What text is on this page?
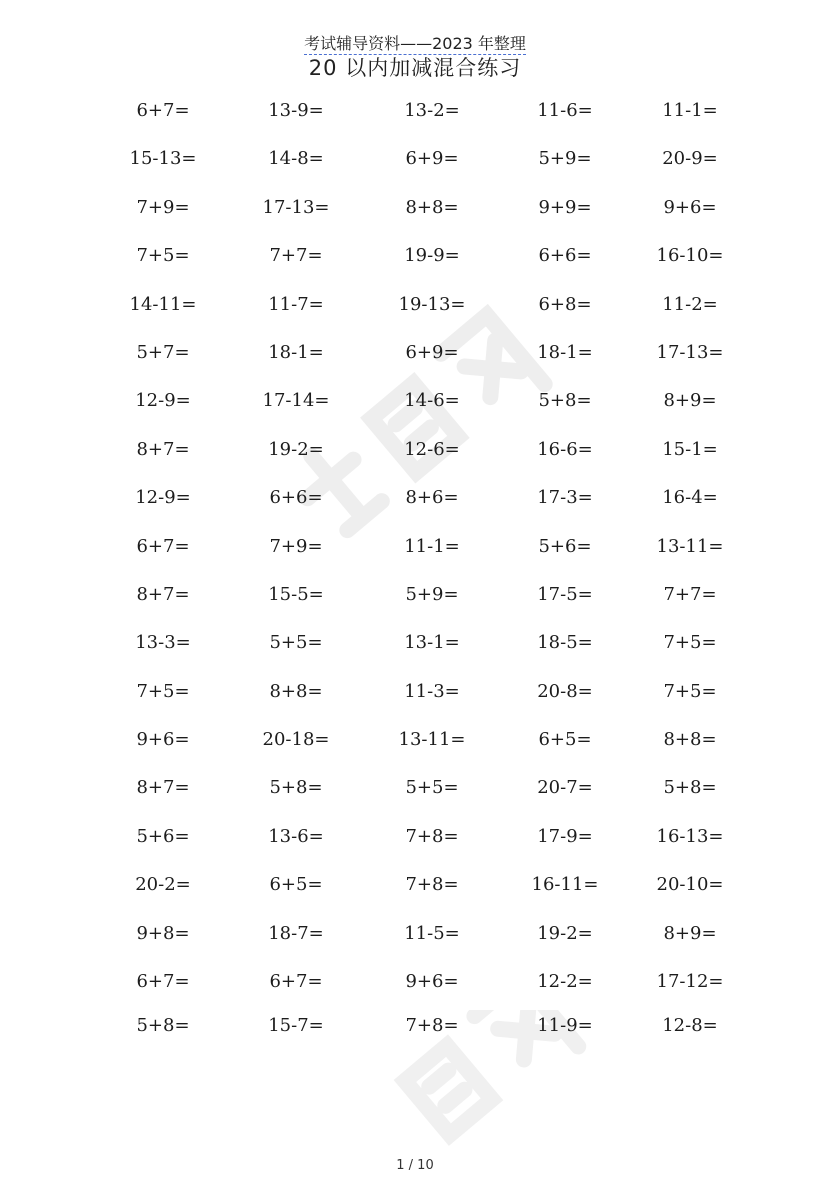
考试辅导资料——2023 年整理
20 以内加减混合练习
6+7=	13-9=	13-2=	11-6=	11-1=
15-13=	14-8=	6+9=	5+9=	20-9=
7+9=	17-13=	8+8=	9+9=	9+6=
7+5=	7+7=	19-9=	6+6=	16-10=
14-11=	11-7=	19-13=	6+8=	11-2=
5+7=	18-1=	6+9=	18-1=	17-13=
12-9=	17-14=	14-6=	5+8=	8+9=
8+7=	19-2=	12-6=	16-6=	15-1=
12-9=	6+6=	8+6=	17-3=	16-4=
6+7=	7+9=	11-1=	5+6=	13-11=
8+7=	15-5=	5+9=	17-5=	7+7=
13-3=	5+5=	13-1=	18-5=	7+5=
7+5=	8+8=	11-3=	20-8=	7+5=
9+6=	20-18=	13-11=	6+5=	8+8=
8+7=	5+8=	5+5=	20-7=	5+8=
5+6=	13-6=	7+8=	17-9=	16-13=
20-2=	6+5=	7+8=	16-11=	20-10=
9+8=	18-7=	11-5=	19-2=	8+9=
6+7=	6+7=	9+6=	12-2=	17-12=
5+8=	15-7=	7+8=	11-9=	12-8=
1 / 10
